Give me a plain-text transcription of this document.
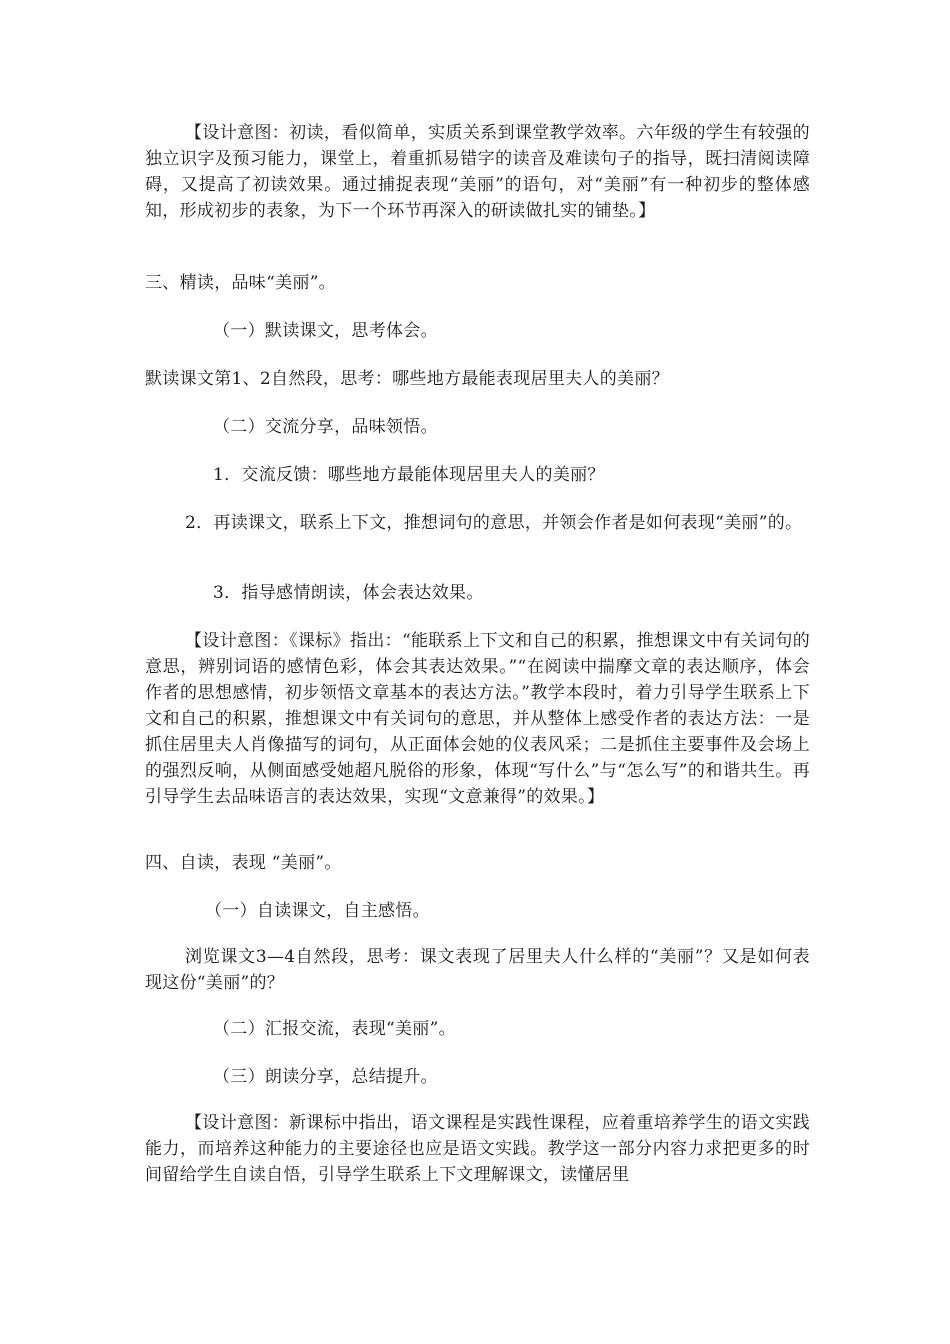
【设计意图：初读，看似简单，实质关系到课堂教学效率。六年级的学生有较强的独立识字及预习能力，课堂上，着重抓易错字的读音及难读句子的指导，既扫清阅读障碍，又提高了初读效果。通过捕捉表现“美丽”的语句，对“美丽”有一种初步的整体感知，形成初步的表象，为下一个环节再深入的研读做扎实的铺垫。】
三、精读，品味“美丽”。
（一）默读课文，思考体会。
默读课文第1、2自然段，思考：哪些地方最能表现居里夫人的美丽？
（二）交流分享，品味领悟。
1．交流反馈：哪些地方最能体现居里夫人的美丽？
2．再读课文，联系上下文，推想词句的意思，并领会作者是如何表现“美丽”的。
3．指导感情朗读，体会表达效果。
【设计意图：《课标》指出：“能联系上下文和自己的积累，推想课文中有关词句的意思，辨别词语的感情色彩，体会其表达效果。”“在阅读中揣摩文章的表达顺序，体会作者的思想感情，初步领悟文章基本的表达方法。”教学本段时，着力引导学生联系上下文和自己的积累，推想课文中有关词句的意思，并从整体上感受作者的表达方法：一是抓住居里夫人肖像描写的词句，从正面体会她的仪表风采；二是抓住主要事件及会场上的强烈反响，从侧面感受她超凡脱俗的形象，体现“写什么”与“怎么写”的和谐共生。再引导学生去品味语言的表达效果，实现“文意兼得”的效果。】
四、自读，表现 “美丽”。
（一）自读课文，自主感悟。
浏览课文3—4自然段，思考：课文表现了居里夫人什么样的“美丽”？又是如何表现这份“美丽”的？
（二）汇报交流，表现“美丽”。
（三）朗读分享，总结提升。
【设计意图：新课标中指出，语文课程是实践性课程，应着重培养学生的语文实践能力，而培养这种能力的主要途径也应是语文实践。教学这一部分内容力求把更多的时间留给学生自读自悟，引导学生联系上下文理解课文，读懂居里
